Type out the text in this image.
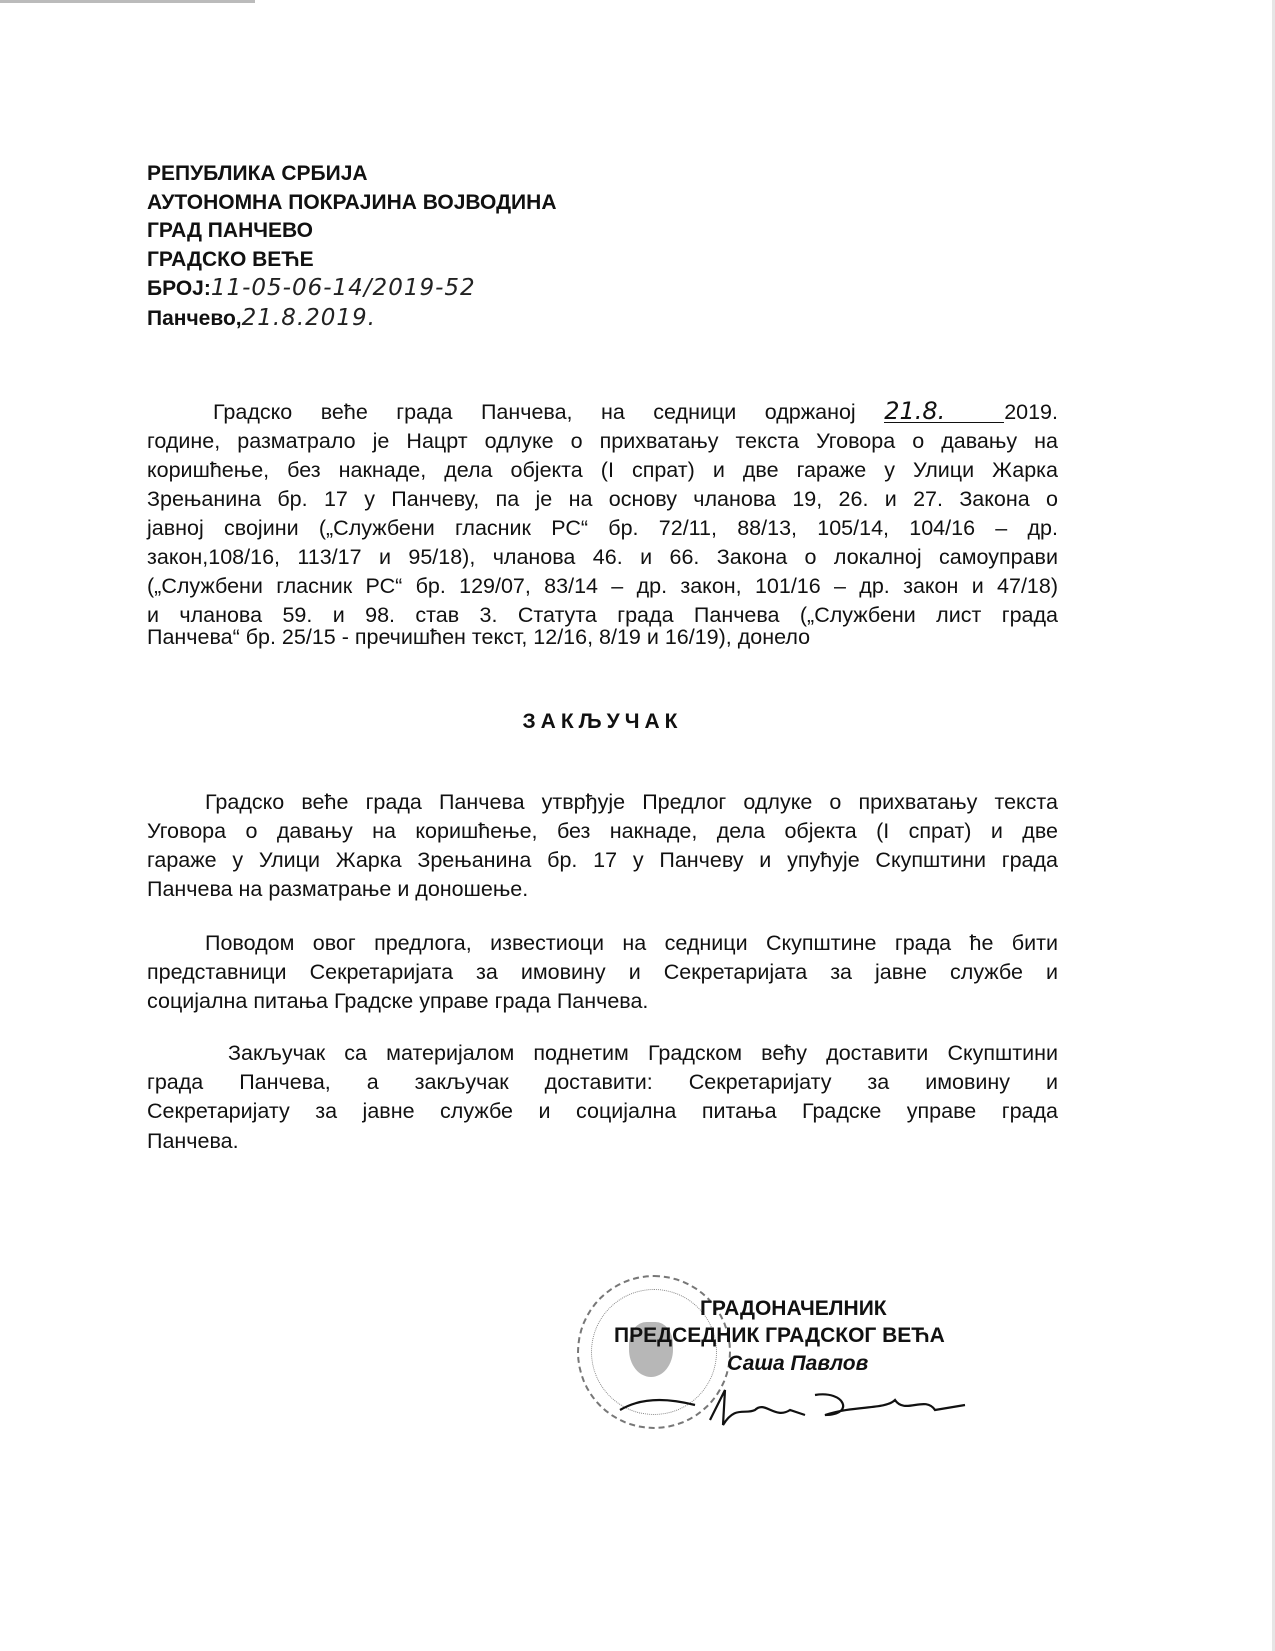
РЕПУБЛИКА СРБИЈА
АУТОНОМНА ПОКРАЈИНА ВОЈВОДИНА
ГРАД ПАНЧЕВО
ГРАДСКО ВЕЋЕ
БРОЈ:11-05-06-14/2019-52
Панчево,21.8.2019.
Градско веће града Панчева, на седници одржаној 21.8.	2019.
године, разматрало је Нацрт одлуке о прихватању текста Уговора о давању на
коришћење, без накнаде, дела објекта (I спрат) и две гараже у Улици Жарка
Зрењанина бр. 17 у Панчеву, па је на основу чланова 19, 26. и 27. Закона о
јавној својини („Службени гласник РС“ бр. 72/11, 88/13, 105/14, 104/16 – др.
закон,108/16, 113/17 и 95/18), чланова 46. и 66. Закона о локалној самоуправи
(„Службени гласник РС“ бр. 129/07, 83/14 – др. закон, 101/16 – др. закон и 47/18)
и чланова 59. и 98. став 3. Статута града Панчева („Службени лист града
Панчева“ бр. 25/15 - пречишћен текст, 12/16, 8/19 и 16/19), донело
ЗАКЉУЧАК
Градско веће града Панчева утврђује Предлог одлуке о прихватању текста
Уговора о давању на коришћење, без накнаде, дела објекта (I спрат) и две
гараже у Улици Жарка Зрењанина бр. 17 у Панчеву и упућује Скупштини града
Панчева на разматрање и доношење.
Поводом овог предлога, известиоци на седници Скупштине града ће бити
представници Секретаријата за имовину и Секретаријата за јавне службе и
социјална питања Градске управе града Панчева.
Закључак са материјалом поднетим Градском већу доставити Скупштини
града Панчева, а закључак доставити: Секретаријату за имовину и
Секретаријату за јавне службе и социјална питања Градске управе града
Панчева.
ГРАДОНАЧЕЛНИК
ПРЕДСЕДНИК ГРАДСКОГ ВЕЋА
Саша Павлов
